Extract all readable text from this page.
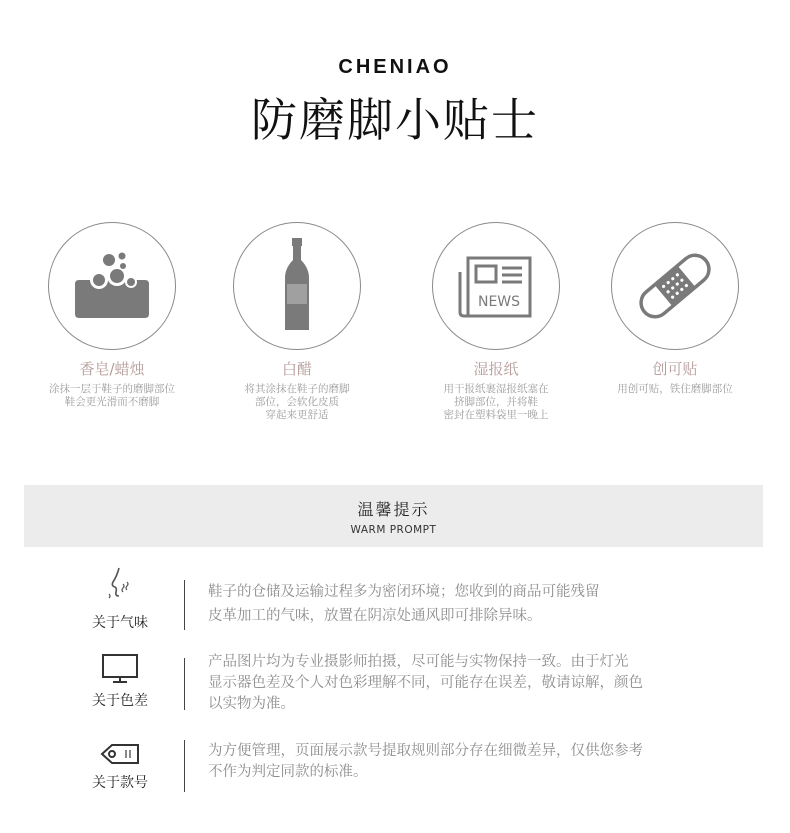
CHENIAO
防磨脚小贴士
香皂/蜡烛
涂抹一层于鞋子的磨脚部位
鞋会更光滑而不磨脚
白醋
将其涂抹在鞋子的磨脚
部位，会软化皮质
穿起来更舒适
NEWS
湿报纸
用干报纸裹湿报纸塞在
挤脚部位，并将鞋
密封在塑料袋里一晚上
创可贴
用创可贴，铁住磨脚部位
温馨提示
WARM PROMPT
关于气味
鞋子的仓储及运输过程多为密闭环境；您收到的商品可能残留
皮革加工的气味，放置在阴凉处通风即可排除异味。
关于色差
产品图片均为专业摄影师拍摄，尽可能与实物保持一致。由于灯光
显示器色差及个人对色彩理解不同，可能存在误差，敬请谅解，颜色
以实物为准。
关于款号
为方便管理，页面展示款号提取规则部分存在细微差异，仅供您参考
不作为判定同款的标准。
